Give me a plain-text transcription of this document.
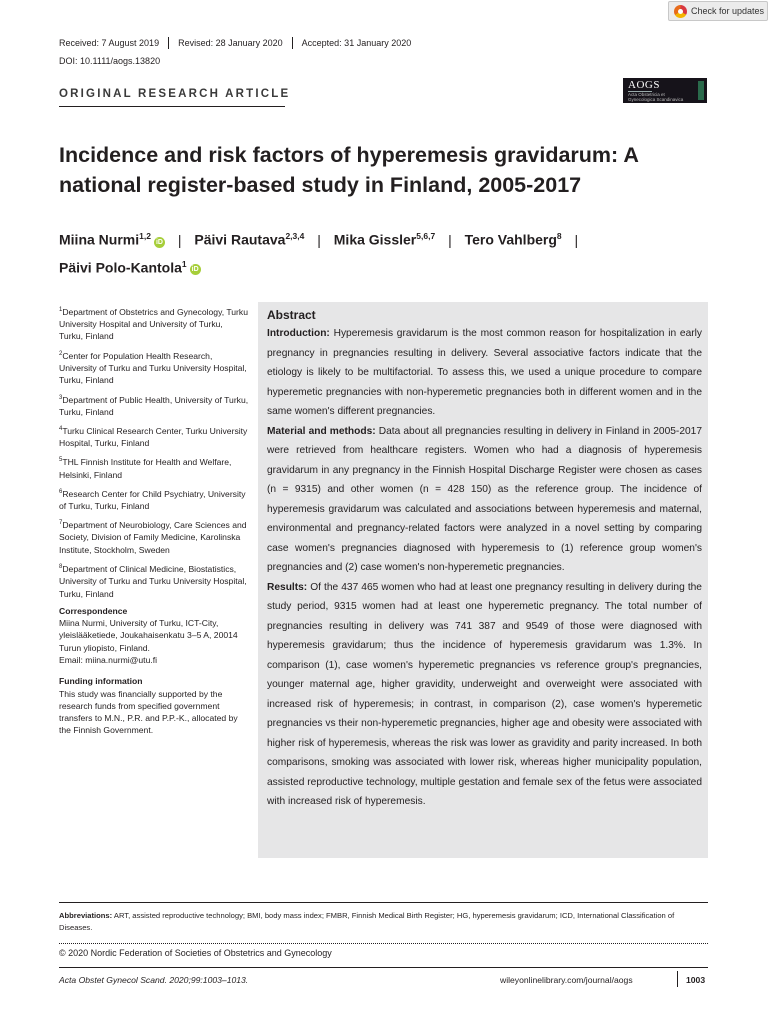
Check for updates
Received: 7 August 2019 Revised: 28 January 2020 Accepted: 31 January 2020
DOI: 10.1111/aogs.13820
ORIGINAL RESEARCH ARTICLE
AOGS
Acta Obstetricia et Gynecologica Scandinavica
Incidence and risk factors of hyperemesis gravidarum: A national register-based study in Finland, 2005-2017
Miina Nurmi$^{1,2}$iD | Päivi Rautava$^{2,3,4}$ | Mika Gissler$^{5,6,7}$ | Tero Vahlberg$^8$ |
Päivi Polo-Kantola$^1$iD
$^1$Department of Obstetrics and Gynecology, Turku University Hospital and University of Turku, Turku, Finland
$^2$Center for Population Health Research, University of Turku and Turku University Hospital, Turku, Finland
$^3$Department of Public Health, University of Turku, Turku, Finland
$^4$Turku Clinical Research Center, Turku University Hospital, Turku, Finland
$^5$THL Finnish Institute for Health and Welfare, Helsinki, Finland
$^6$Research Center for Child Psychiatry, University of Turku, Turku, Finland
$^7$Department of Neurobiology, Care Sciences and Society, Division of Family Medicine, Karolinska Institute, Stockholm, Sweden
$^8$Department of Clinical Medicine, Biostatistics, University of Turku and Turku University Hospital, Turku, Finland
Correspondence
Miina Nurmi, University of Turku, ICT-City, yleislääketiede, Joukahaisenkatu 3–5 A, 20014 Turun yliopisto, Finland.
Email: miina.nurmi@utu.fi
Funding information
This study was financially supported by the research funds from specified government transfers to M.N., P.R. and P.P.-K., allocated by the Finnish Government.
Abstract

Introduction: Hyperemesis gravidarum is the most common reason for hospitalization in early pregnancy in pregnancies resulting in delivery. Several associative factors indicate that the etiology is likely to be multifactorial. To assess this, we used a unique procedure to compare hyperemetic pregnancies with non-hyperemetic pregnancies both in different women and in the same women's different pregnancies.

Material and methods: Data about all pregnancies resulting in delivery in Finland in 2005-2017 were retrieved from healthcare registers. Women who had a diagnosis of hyperemesis gravidarum in any pregnancy in the Finnish Hospital Discharge Register were chosen as cases (n = 9315) and other women (n = 428 150) as the reference group. The incidence of hyperemesis gravidarum was calculated and associations between hyperemesis and maternal, environmental and pregnancy-related factors were analyzed in a novel setting by comparing case women's pregnancies diagnosed with hyperemesis to (1) reference group women's pregnancies and (2) case women's non-hyperemetic pregnancies.

Results: Of the 437 465 women who had at least one pregnancy resulting in delivery during the study period, 9315 women had at least one hyperemetic pregnancy. The total number of pregnancies resulting in delivery was 741 387 and 9549 of those were diagnosed with hyperemesis gravidarum; thus the incidence of hyperemesis gravidarum was 1.3%. In comparison (1), case women's hyperemetic pregnancies vs reference group's pregnancies, younger maternal age, higher gravidity, underweight and overweight were associated with increased risk of hyperemesis; in contrast, in comparison (2), case women's hyperemetic pregnancies vs their non-hyperemetic pregnancies, higher age and obesity were associated with higher risk of hyperemesis, whereas the risk was lower as gravidity and parity increased. In both comparisons, smoking was associated with lower risk, whereas higher municipality population, assisted reproductive technology, multiple gestation and female sex of the fetus were associated with increased risk of hyperemesis.

Abbreviations: ART, assisted reproductive technology; BMI, body mass index; FMBR, Finnish Medical Birth Register; HG, hyperemesis gravidarum; ICD, International Classification of Diseases.
© 2020 Nordic Federation of Societies of Obstetrics and Gynecology
Acta Obstet Gynecol Scand. 2020;99:1003–1013.	wileyonlinelibrary.com/journal/aogs	1003
